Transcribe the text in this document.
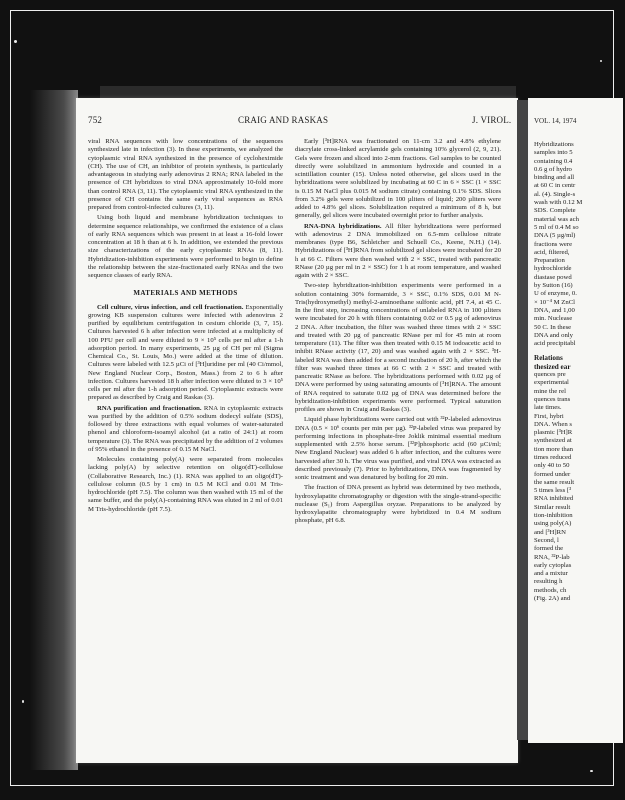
752	CRAIG AND RASKAS	J. VIROL.

viral RNA sequences with low concentrations of the sequences synthesized late in infection (3). In these experiments, we analyzed the cytoplasmic viral RNA synthesized in the presence of cycloheximide (CH). The use of CH, an inhibitor of protein synthesis, is particularly advantageous in studying early adenovirus 2 RNA; RNA labeled in the presence of CH hybridizes to viral DNA approximately 10-fold more than control RNA (3, 11). The cytoplasmic viral RNA synthesized in the presence of CH contains the same early viral sequences as RNA prepared from control-infected cultures (3, 11).

Using both liquid and membrane hybridization techniques to determine sequence relationships, we confirmed the existence of a class of early RNA sequences which was present in at least a 16-fold lower concentration at 18 h than at 6 h. In addition, we extended the previous size characterizations of the early cytoplasmic RNAs (8, 11). Hybridization-inhibition experiments were performed to begin to define the relationship between the size-fractionated early RNAs and the two sequence classes of early RNA.

MATERIALS AND METHODS

Cell culture, virus infection, and cell fractionation. Exponentially growing KB suspension cultures were infected with adenovirus 2 purified by equilibrium centrifugation in cesium chloride (3, 7, 15). Cultures harvested 6 h after infection were infected at a multiplicity of 100 PFU per cell and were diluted to 9 × 10⁵ cells per ml after a 1-h adsorption period. In many experiments, 25 µg of CH per ml (Sigma Chemical Co., St. Louis, Mo.) were added at the time of dilution. Cultures were labeled with 12.5 µCi of [³H]uridine per ml (40 Ci/mmol, New England Nuclear Corp., Boston, Mass.) from 2 to 6 h after infection. Cultures harvested 18 h after infection were diluted to 3 × 10⁵ cells per ml after the 1-h adsorption period. Cytoplasmic extracts were prepared as described by Craig and Raskas (3).

RNA purification and fractionation. RNA in cytoplasmic extracts was purified by the addition of 0.5% sodium dodecyl sulfate (SDS), followed by three extractions with equal volumes of water-saturated phenol and chloroform-isoamyl alcohol (at a ratio of 24:1) at room temperature (3). The RNA was precipitated by the addition of 2 volumes of 95% ethanol in the presence of 0.15 M NaCl.

Molecules containing poly(A) were separated from molecules lacking poly(A) by selective retention on oligo(dT)-cellulose (Collaborative Research, Inc.) (1). RNA was applied to an oligo(dT)-cellulose column (0.5 by 1 cm) in 0.5 M KCl and 0.01 M Tris-hydrochloride (pH 7.5). The column was then washed with 15 ml of the same buffer, and the poly(A)-containing RNA was eluted in 2 ml of 0.01 M Tris-hydrochloride (pH 7.5).

Early [³H]RNA was fractionated on 11-cm 3.2 and 4.8% ethylene diacrylate cross-linked acrylamide gels containing 10% glycerol (2, 9, 21). Gels were frozen and sliced into 2-mm fractions. Gel samples to be counted directly were solubilized in ammonium hydroxide and counted in a scintillation counter (15). Unless noted otherwise, gel slices used in the hybridizations were solubilized by incubating at 60 C in 6 × SSC (1 × SSC is 0.15 M NaCl plus 0.015 M sodium citrate) containing 0.1% SDS. Slices from 3.2% gels were solubilized in 100 µliters of liquid; 200 µliters were added to 4.8% gel slices. Solubilization required a minimum of 8 h, but generally, gel slices were incubated overnight prior to further analysis.

RNA-DNA hybridizations. All filter hybridizations were performed with adenovirus 2 DNA immobilized on 6.5-mm cellulose nitrate membranes (type B6, Schleicher and Schuell Co., Keene, N.H.) (14). Hybridizations of [³H]RNA from solubilized gel slices were incubated for 20 h at 66 C. Filters were then washed with 2 × SSC, treated with pancreatic RNase (20 µg per ml in 2 × SSC) for 1 h at room temperature, and washed again with 2 × SSC.

Two-step hybridization-inhibition experiments were performed in a solution containing 30% formamide, 3 × SSC, 0.1% SDS, 0.01 M N-Tris(hydroxymethyl) methyl-2-aminoethane sulfonic acid, pH 7.4, at 45 C. In the first step, increasing concentrations of unlabeled RNA in 100 µliters were incubated for 20 h with filters containing 0.02 or 0.5 µg of adenovirus 2 DNA. After incubation, the filter was washed three times with 2 × SSC and treated with 20 µg of pancreatic RNase per ml for 45 min at room temperature (11). The filter was then treated with 0.15 M iodoacetic acid to inhibit RNase activity (17, 20) and was washed again with 2 × SSC. ³H-labeled RNA was then added for a second incubation of 20 h, after which the filter was washed three times at 66 C with 2 × SSC and treated with pancreatic RNase as before. The hybridizations performed with 0.02 µg of DNA were performed by using saturating amounts of [³H]RNA. The amount of RNA required to saturate 0.02 µg of DNA was determined before the hybridization-inhibition experiments were performed. Typical saturation profiles are shown in Craig and Raskas (3).

Liquid phase hybridizations were carried out with ³²P-labeled adenovirus DNA (0.5 × 10⁶ counts per min per µg). ³²P-labeled virus was prepared by performing infections in phosphate-free Joklik minimal essential medium supplemented with 2.5% horse serum. [³²P]phosphoric acid (60 µCi/ml; New England Nuclear) was added 6 h after infection, and the cultures were harvested after 30 h. The virus was purified, and viral DNA was extracted as described previously (7). Prior to hybridizations, DNA was fragmented by sonic treatment and was denatured by boiling for 20 min.

The fraction of DNA present as hybrid was determined by two methods, hydroxylapatite chromatography or digestion with the single-strand-specific nuclease (S₁) from Aspergillus oryzae. Preparations to be analyzed by hydroxylapatite chromatography were hybridized in 0.4 M sodium phosphate, pH 6.8.

VOL. 14, 1974
Hybridizations
samples into 5
containing 0.4
0.6 g of hydro
binding and all
at 60 C in centr
al. (4). Single-s
wash with 0.12 M
SDS. Complete
material was ach
5 ml of 0.4 M so
DNA (5 µg/ml)
fractions were
acid, filtered,
Preparation
hydrochloride
diastase powd
by Sutton (16)
U of enzyme, 0.
× 10⁻⁴ M ZnCl
DNA, and 1,00
min. Nuclease
50 C. In these
DNA and only
acid precipitabl
Relations
thesized ear
quences pre
experimental
mine the rel
quences trans
late times.
First, hybri
DNA. When s
plasmic [³H]R
synthesized at
tion more than
times reduced
only 40 to 50
formed under
the same result
5 times less [³
RNA inhibited
Similar result
tion-inhibition
using poly(A)
and [³H]RN
Second, l
formed the
RNA, ³²P-lab
early cytoplas
and a mixtur
resulting h
methods, ch
(Fig. 2A) and
